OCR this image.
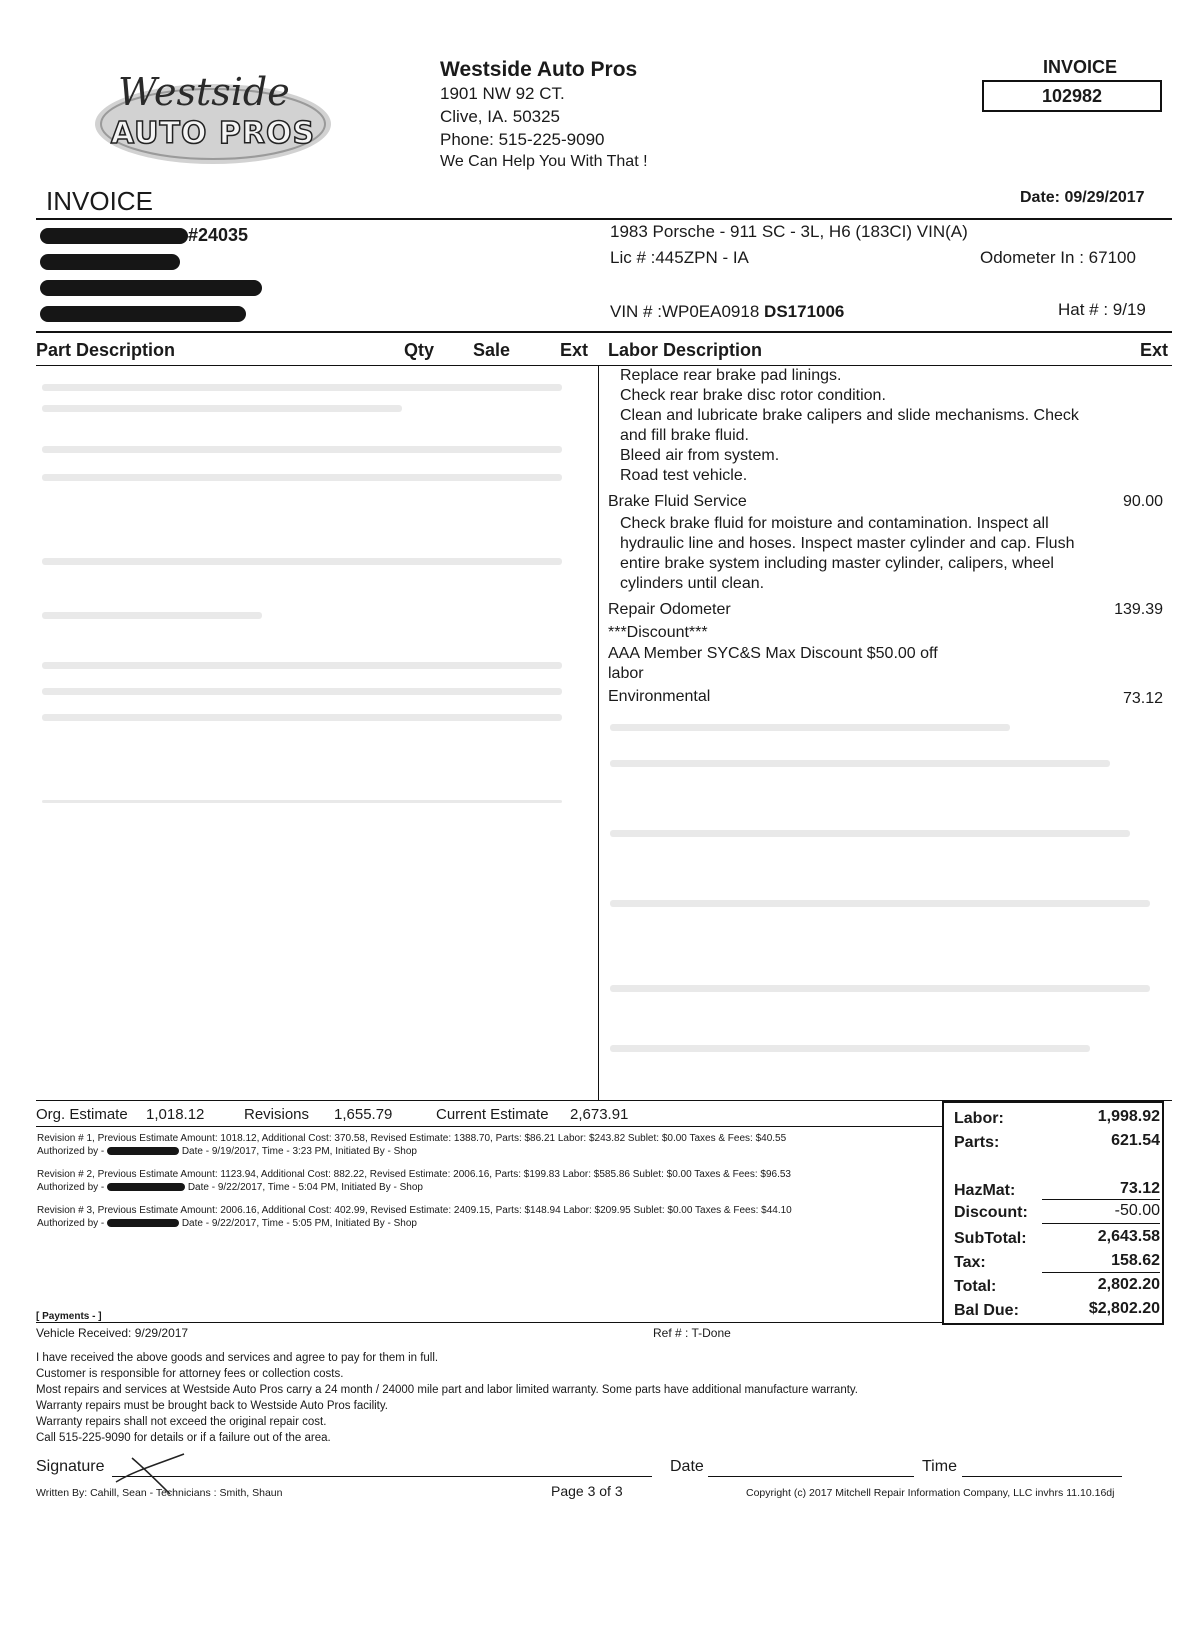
Westside
AUTO PROS
Westside Auto Pros
1901 NW 92 CT.
Clive, IA. 50325
Phone: 515-225-9090
We Can Help You With That !
INVOICE
102982
INVOICE	Date: 09/29/2017
#24035	1983 Porsche - 911 SC - 3L, H6 (183CI) VIN(A)
Lic # :445ZPN - IA	Odometer In : 67100
VIN # :WP0EA0918 DS171006	Hat # : 9/19
Part Description	Qty Sale	Ext Labor Description	Ext
Replace rear brake pad linings.
Check rear brake disc rotor condition.
Clean and lubricate brake calipers and slide mechanisms. Check
and fill brake fluid.
Bleed air from system.
Road test vehicle.
Brake Fluid Service	90.00
Check brake fluid for moisture and contamination. Inspect all
hydraulic line and hoses. Inspect master cylinder and cap. Flush
entire brake system including master cylinder, calipers, wheel
cylinders until clean.
Repair Odometer	139.39
***Discount***
AAA Member SYC&S Max Discount $50.00 off
labor
Environmental	73.12
Org. Estimate 1,018.12	Revisions 1,655.79	Current Estimate 2,673.91
Revision # 1, Previous Estimate Amount: 1018.12, Additional Cost: 370.58, Revised Estimate: 1388.70, Parts: $86.21 Labor: $243.82 Sublet: $0.00 Taxes & Fees: $40.55
Authorized by -	Date - 9/19/2017, Time - 3:23 PM, Initiated By - Shop
Revision # 2, Previous Estimate Amount: 1123.94, Additional Cost: 882.22, Revised Estimate: 2006.16, Parts: $199.83 Labor: $585.86 Sublet: $0.00 Taxes & Fees: $96.53
Authorized by -	Date - 9/22/2017, Time - 5:04 PM, Initiated By - Shop
Revision # 3, Previous Estimate Amount: 2006.16, Additional Cost: 402.99, Revised Estimate: 2409.15, Parts: $148.94 Labor: $209.95 Sublet: $0.00 Taxes & Fees: $44.10
Authorized by -	Date - 9/22/2017, Time - 5:05 PM, Initiated By - Shop
Labor:	1,998.92
Parts:	621.54
HazMat:	73.12
Discount:	-50.00
SubTotal:	2,643.58
Tax:	158.62
Total:	2,802.20
Bal Due:	$2,802.20
[ Payments - ]
Vehicle Received: 9/29/2017	Ref # : T-Done
I have received the above goods and services and agree to pay for them in full.
Customer is responsible for attorney fees or collection costs.
Most repairs and services at Westside Auto Pros carry a 24 month / 24000 mile part and labor limited warranty. Some parts have additional manufacture warranty.
Warranty repairs must be brought back to Westside Auto Pros facility.
Warranty repairs shall not exceed the original repair cost.
Call 515-225-9090 for details or if a failure out of the area.
Signature	Date	Time
Written By: Cahill, Sean - Technicians : Smith, Shaun	Page 3 of 3	Copyright (c) 2017 Mitchell Repair Information Company, LLC invhrs 11.10.16dj
